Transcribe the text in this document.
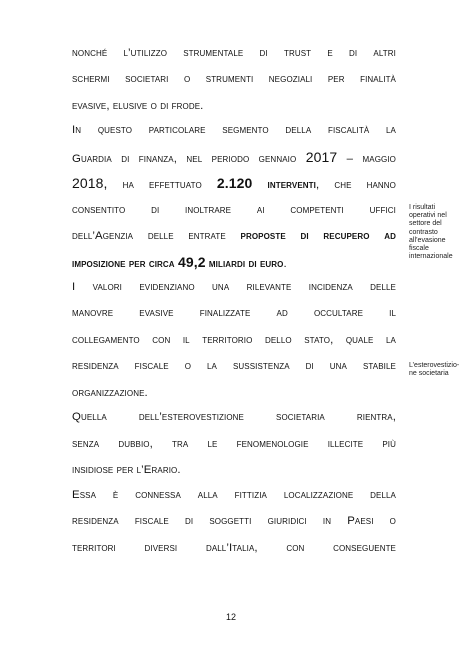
nonché l’utilizzo strumentale di trust e di altri
schermi societari o strumenti negoziali per finalità
evasive, elusive o di frode.
In questo particolare segmento della fiscalità la
Guardia di finanza, nel periodo gennaio 2017 – maggio
2018, ha effettuato 2.120 interventi, che hanno
consentito di inoltrare ai competenti uffici
dell’Agenzia delle entrate proposte di recupero ad
imposizione per circa 49,2 miliardi di euro.
I valori evidenziano una rilevante incidenza delle
manovre evasive finalizzate ad occultare il
collegamento con il territorio dello stato, quale la
residenza fiscale o la sussistenza di una stabile
organizzazione.
Quella dell’esterovestizione societaria rientra,
senza dubbio, tra le fenomenologie illecite più
insidiose per l’Erario.
Essa è connessa alla fittizia localizzazione della
residenza fiscale di soggetti giuridici in Paesi o
territori diversi dall’Italia, con conseguente
I risultati
operativi nel
settore del
contrasto
all’evasione
fiscale
internazionale
L’esterovestizio-
ne societaria
12
